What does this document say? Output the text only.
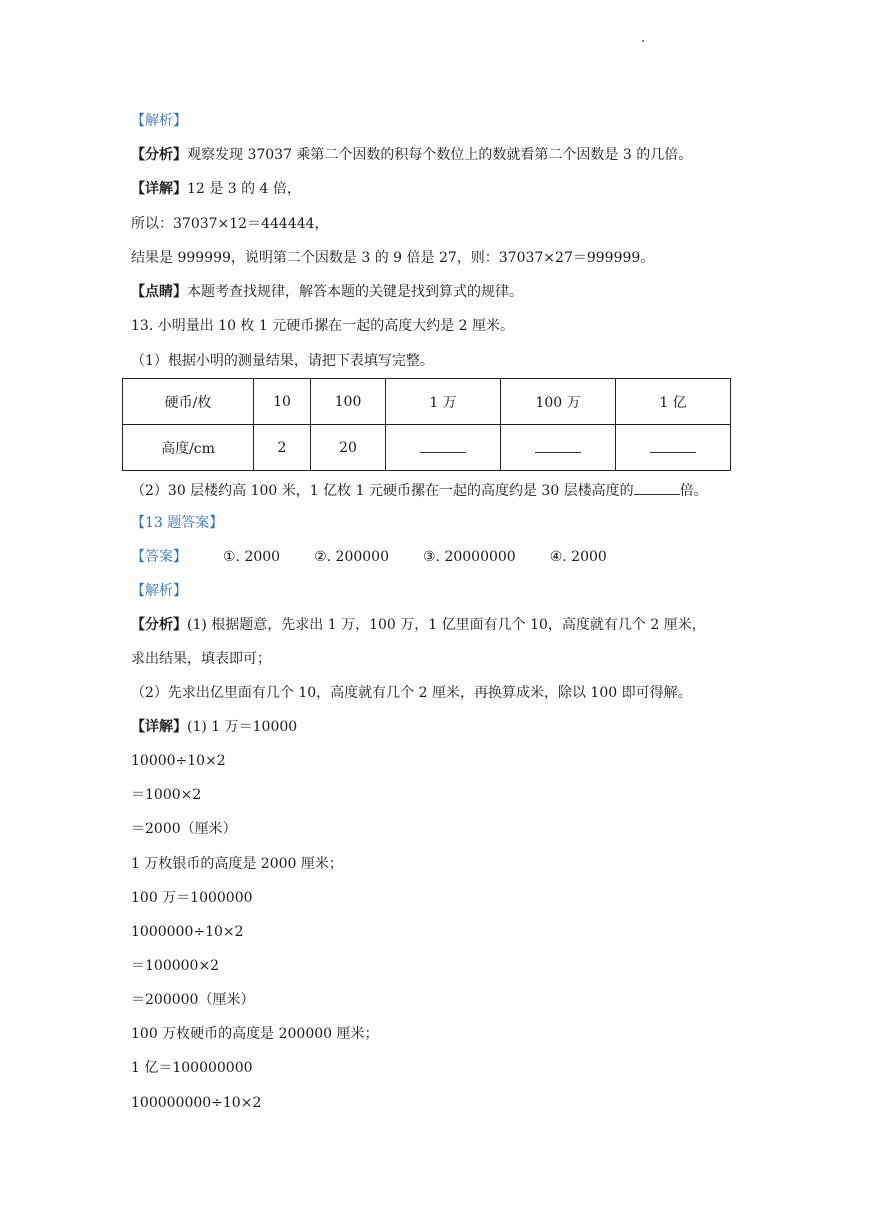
【解析】
【分析】观察发现 37037 乘第二个因数的积每个数位上的数就看第二个因数是 3 的几倍。
【详解】12 是 3 的 4 倍，
所以：37037×12＝444444，
结果是 999999，说明第二个因数是 3 的 9 倍是 27，则：37037×27＝999999。
【点睛】本题考查找规律，解答本题的关键是找到算式的规律。
13. 小明量出 10 枚 1 元硬币摞在一起的高度大约是 2 厘米。
（1）根据小明的测量结果，请把下表填写完整。
硬币/枚	10	100	1 万	100 万	1 亿
高度/cm	2	20			
（2）30 层楼约高 100 米，1 亿枚 1 元硬币摞在一起的高度约是 30 层楼高度的	倍。
【13 题答案】
【答案】	①. 2000 ②. 200000 ③. 20000000 ④. 2000
【解析】
【分析】(1) 根据题意，先求出 1 万，100 万，1 亿里面有几个 10，高度就有几个 2 厘米，
求出结果，填表即可；
（2）先求出亿里面有几个 10，高度就有几个 2 厘米，再换算成米，除以 100 即可得解。
【详解】(1) 1 万＝10000
10000÷10×2
＝1000×2
＝2000（厘米）
1 万枚银币的高度是 2000 厘米；
100 万＝1000000
1000000÷10×2
＝100000×2
＝200000（厘米）
100 万枚硬币的高度是 200000 厘米；
1 亿＝100000000
100000000÷10×2
